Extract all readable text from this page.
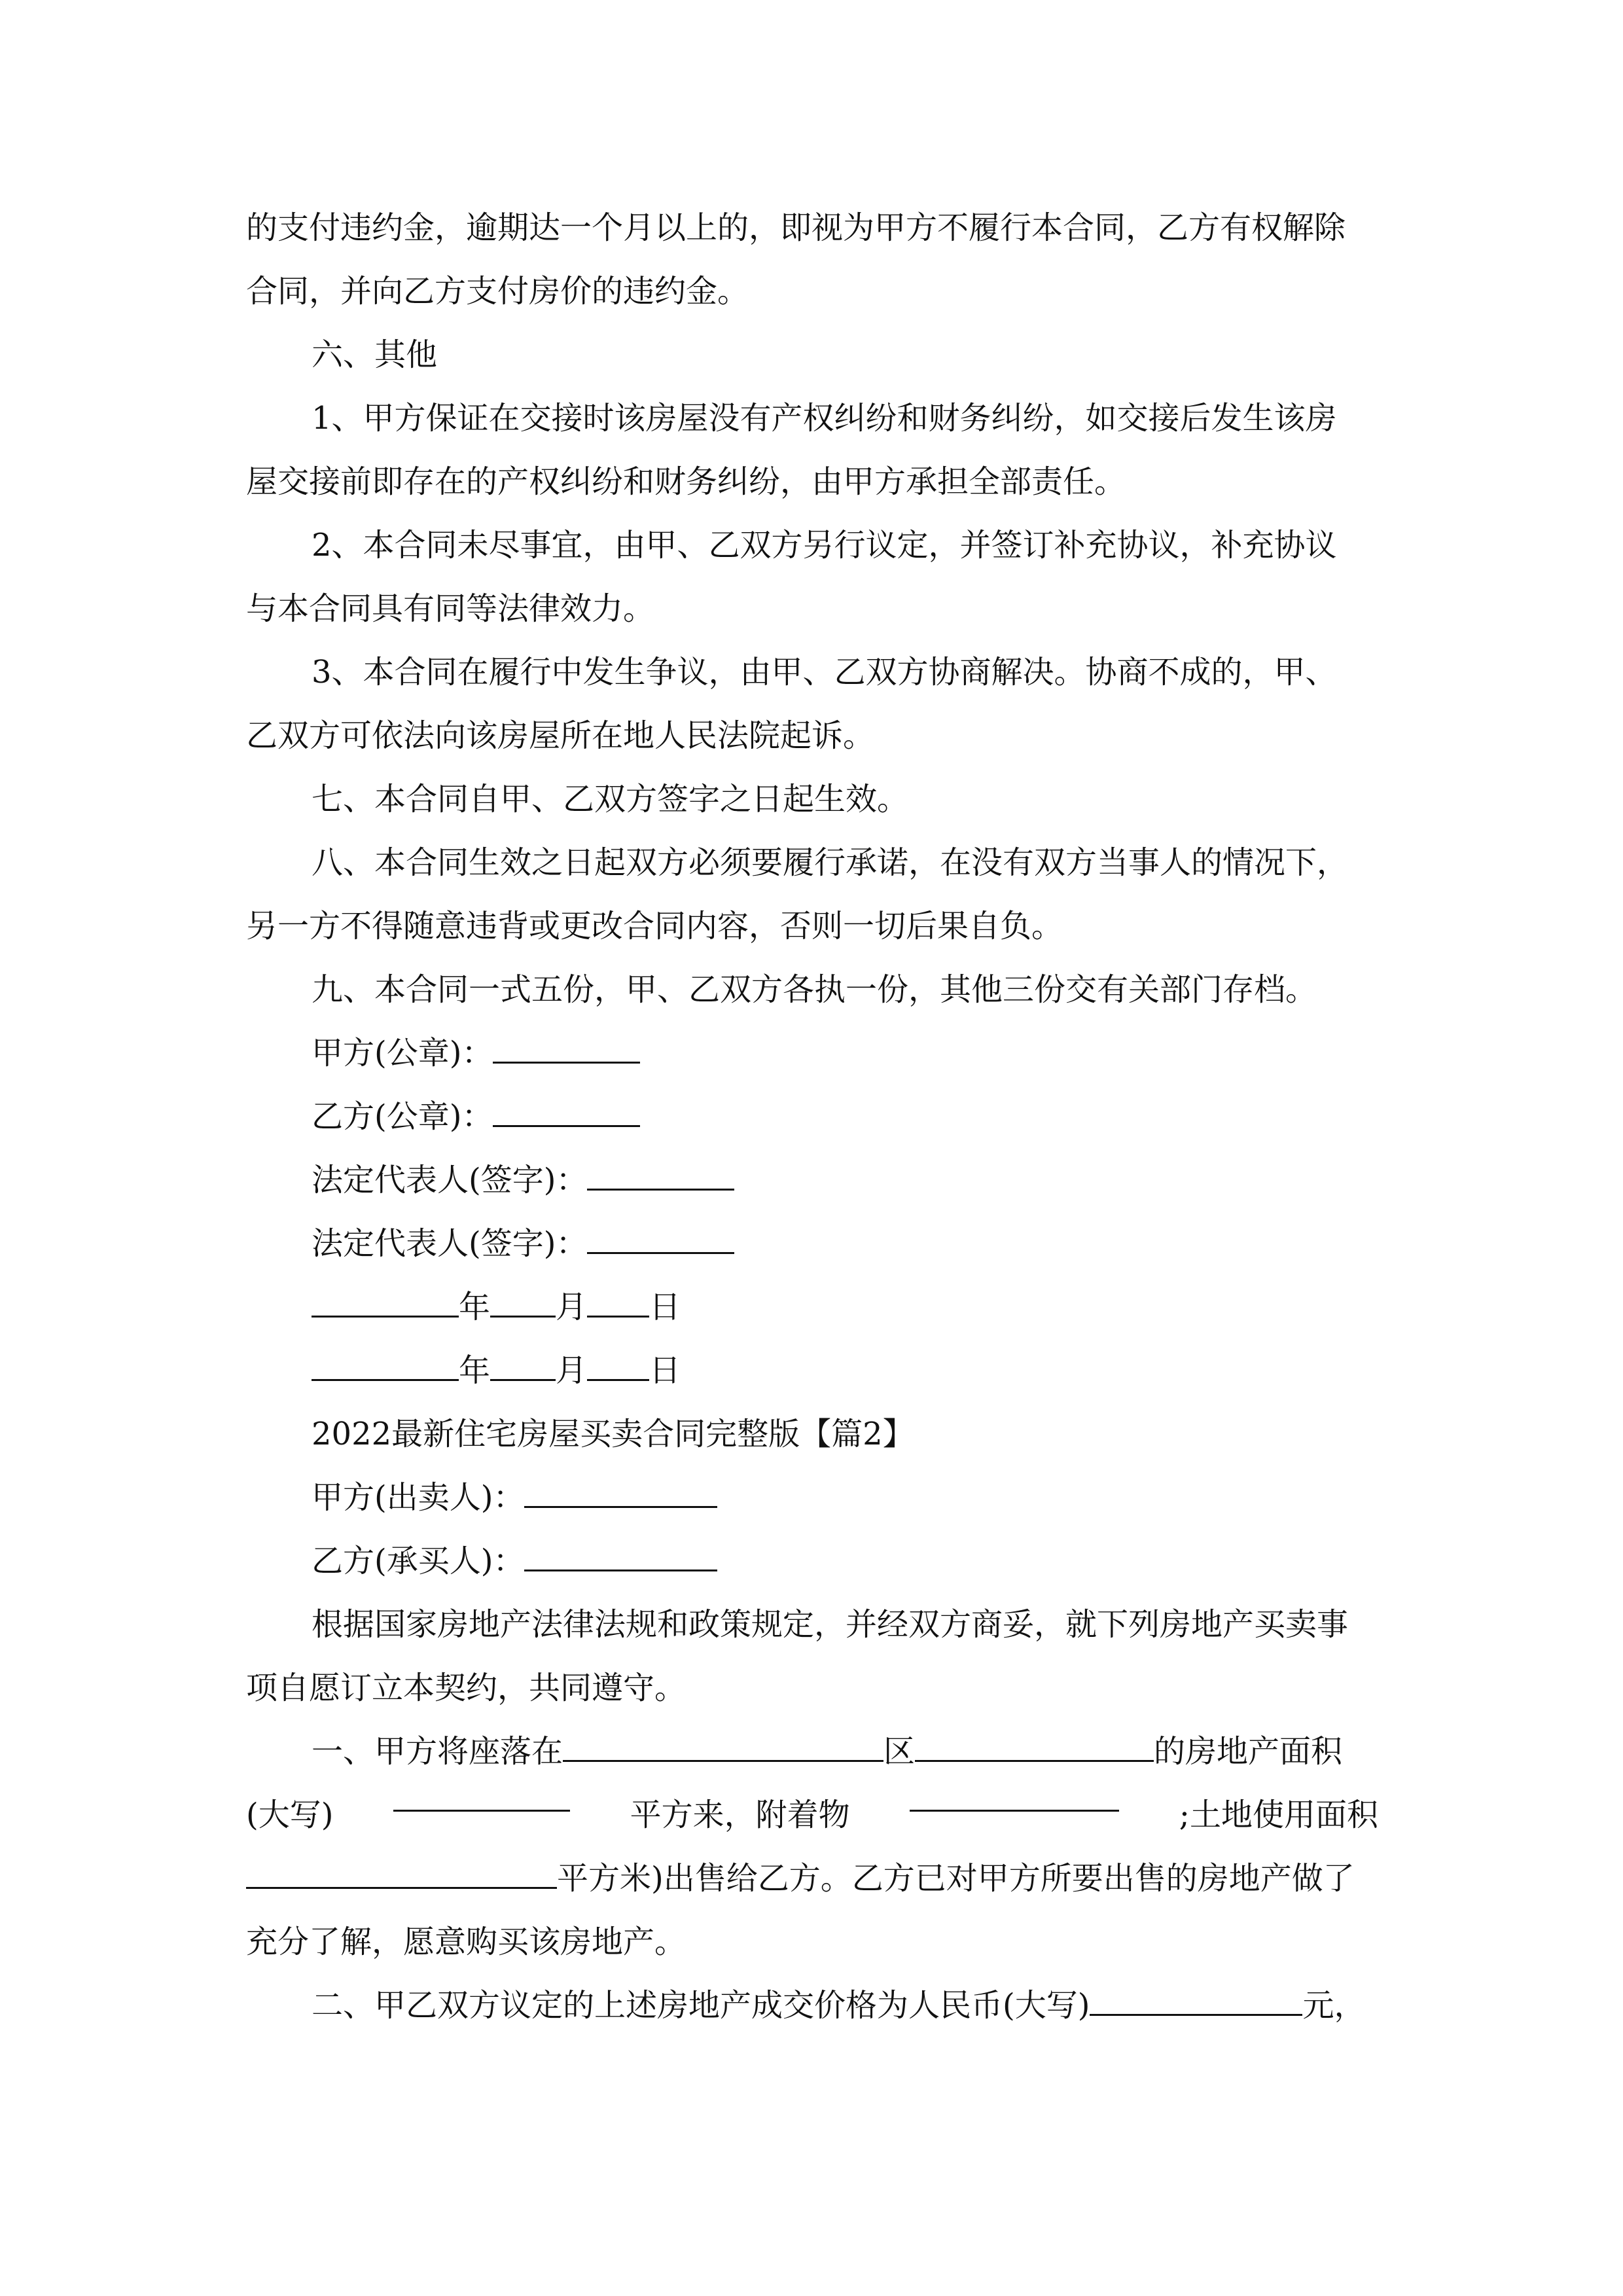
的支付违约金，逾期达一个月以上的，即视为甲方不履行本合同，乙方有权解除

合同，并向乙方支付房价的违约金。

六、其他

1、甲方保证在交接时该房屋没有产权纠纷和财务纠纷，如交接后发生该房

屋交接前即存在的产权纠纷和财务纠纷，由甲方承担全部责任。

2、本合同未尽事宜，由甲、乙双方另行议定，并签订补充协议，补充协议

与本合同具有同等法律效力。

3、本合同在履行中发生争议，由甲、乙双方协商解决。协商不成的，甲、

乙双方可依法向该房屋所在地人民法院起诉。

七、本合同自甲、乙双方签字之日起生效。

八、本合同生效之日起双方必须要履行承诺，在没有双方当事人的情况下，

另一方不得随意违背或更改合同内容，否则一切后果自负。

九、本合同一式五份，甲、乙双方各执一份，其他三份交有关部门存档。

甲方(公章)：

乙方(公章)：

法定代表人(签字)：

法定代表人(签字)：

年 月 日

年 月 日

2022最新住宅房屋买卖合同完整版【篇2】

甲方(出卖人)：

乙方(承买人)：

根据国家房地产法律法规和政策规定，并经双方商妥，就下列房地产买卖事

项自愿订立本契约，共同遵守。

一、甲方将座落在	区	的房地产面积

(大写)	平方来，附着物	;土地使用面积

平方米)出售给乙方。乙方已对甲方所要出售的房地产做了

充分了解，愿意购买该房地产。

二、甲乙双方议定的上述房地产成交价格为人民币(大写)	元，
